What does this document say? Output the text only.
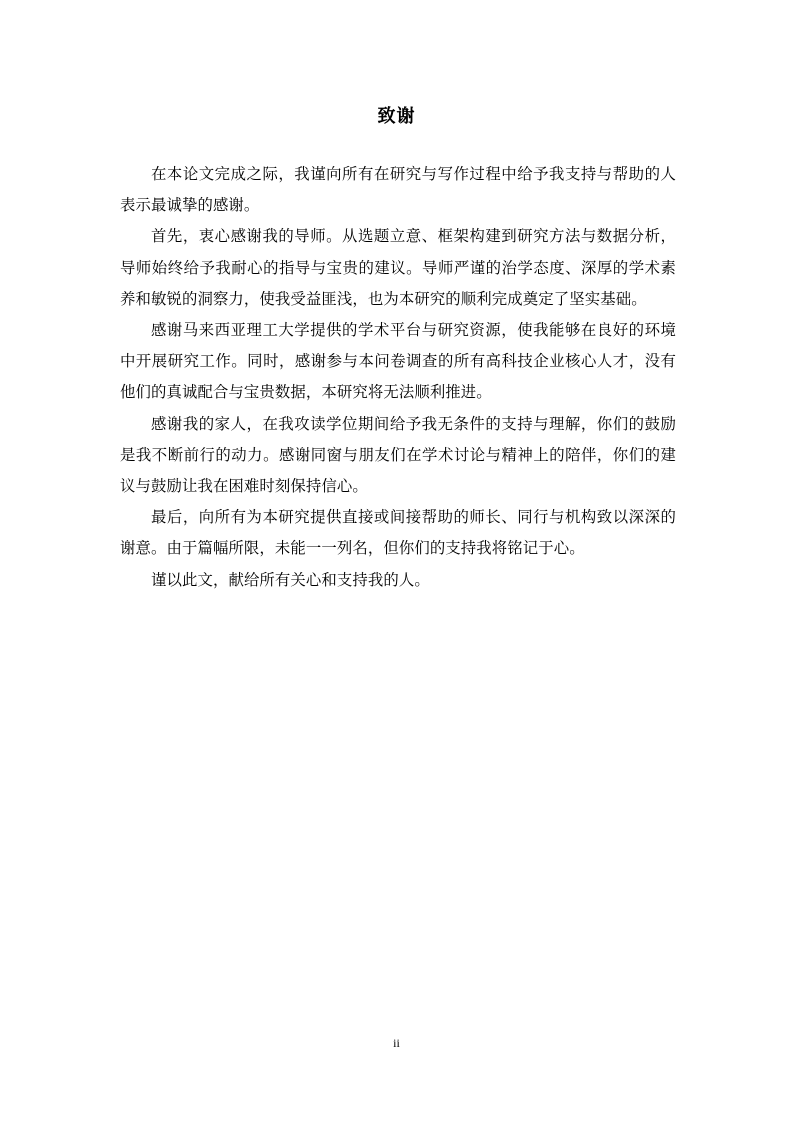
致谢

在本论文完成之际，我谨向所有在研究与写作过程中给予我支持与帮助的人表示最诚挚的感谢。

首先，衷心感谢我的导师。从选题立意、框架构建到研究方法与数据分析，导师始终给予我耐心的指导与宝贵的建议。导师严谨的治学态度、深厚的学术素养和敏锐的洞察力，使我受益匪浅，也为本研究的顺利完成奠定了坚实基础。

感谢马来西亚理工大学提供的学术平台与研究资源，使我能够在良好的环境中开展研究工作。同时，感谢参与本问卷调查的所有高科技企业核心人才，没有他们的真诚配合与宝贵数据，本研究将无法顺利推进。

感谢我的家人，在我攻读学位期间给予我无条件的支持与理解，你们的鼓励是我不断前行的动力。感谢同窗与朋友们在学术讨论与精神上的陪伴，你们的建议与鼓励让我在困难时刻保持信心。

最后，向所有为本研究提供直接或间接帮助的师长、同行与机构致以深深的谢意。由于篇幅所限，未能一一列名，但你们的支持我将铭记于心。

谨以此文，献给所有关心和支持我的人。

ii
